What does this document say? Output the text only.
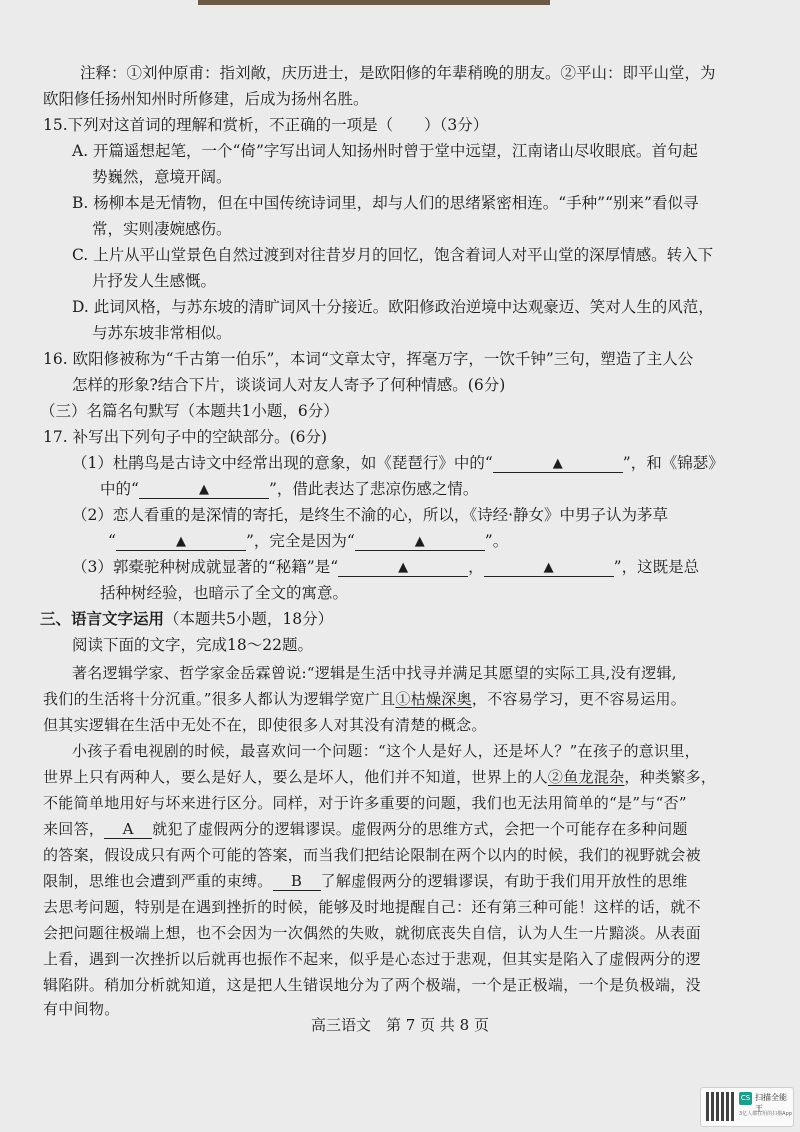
注释：①刘仲原甫：指刘敞，庆历进士，是欧阳修的年辈稍晚的朋友。②平山：即平山堂，为
欧阳修任扬州知州时所修建，后成为扬州名胜。
15.下列对这首词的理解和赏析，不正确的一项是（　　）（3分）
A. 开篇遥想起笔，一个“倚”字写出词人知扬州时曾于堂中远望，江南诸山尽收眼底。首句起
势巍然，意境开阔。
B. 杨柳本是无情物，但在中国传统诗词里，却与人们的思绪紧密相连。“手种”“别来”看似寻
常，实则凄婉感伤。
C. 上片从平山堂景色自然过渡到对往昔岁月的回忆，饱含着词人对平山堂的深厚情感。转入下
片抒发人生感慨。
D. 此词风格，与苏东坡的清旷词风十分接近。欧阳修政治逆境中达观豪迈、笑对人生的风范，
与苏东坡非常相似。
16. 欧阳修被称为“千古第一伯乐”，本词“文章太守，挥毫万字，一饮千钟”三句，塑造了主人公
怎样的形象?结合下片，谈谈词人对友人寄予了何种情感。(6分)
（三）名篇名句默写（本题共1小题，6分）
17. 补写出下列句子中的空缺部分。(6分)
（1）杜鹃鸟是古诗文中经常出现的意象，如《琵琶行》中的“	▲	”，和《锦瑟》
中的“	▲	”，借此表达了悲凉伤感之情。
（2）恋人看重的是深情的寄托，是终生不渝的心，所以，《诗经·静女》中男子认为茅草
“	▲	”，完全是因为“	▲	”。
（3）郭橐驼种树成就显著的“秘籍”是“	▲	，	▲	”，这既是总
括种树经验，也暗示了全文的寓意。
三、语言文字运用（本题共5小题，18分）
阅读下面的文字，完成18～22题。
著名逻辑学家、哲学家金岳霖曾说:“逻辑是生活中找寻并满足其愿望的实际工具,没有逻辑,
我们的生活将十分沉重。”很多人都认为逻辑学宽广且①枯燥深奥，不容易学习，更不容易运用。
但其实逻辑在生活中无处不在，即使很多人对其没有清楚的概念。
小孩子看电视剧的时候，最喜欢问一个问题：“这个人是好人，还是坏人？”在孩子的意识里，
世界上只有两种人，要么是好人，要么是坏人，他们并不知道，世界上的人②鱼龙混杂，种类繁多，
不能简单地用好与坏来进行区分。同样，对于许多重要的问题，我们也无法用简单的“是”与“否”
来回答， A 就犯了虚假两分的逻辑谬误。虚假两分的思维方式，会把一个可能存在多种问题
的答案，假设成只有两个可能的答案，而当我们把结论限制在两个以内的时候，我们的视野就会被
限制，思维也会遭到严重的束缚。 B 了解虚假两分的逻辑谬误，有助于我们用开放性的思维
去思考问题，特别是在遇到挫折的时候，能够及时地提醒自己：还有第三种可能！这样的话，就不
会把问题往极端上想，也不会因为一次偶然的失败，就彻底丧失自信，认为人生一片黯淡。从表面
上看，遇到一次挫折以后就再也振作不起来，似乎是心态过于悲观，但其实是陷入了虚假两分的逻
辑陷阱。稍加分析就知道，这是把人生错误地分为了两个极端，一个是正极端，一个是负极端，没
有中间物。
高三语文　第 7 页 共 8 页
CS 扫描全能王
3亿人都在用的扫描App
